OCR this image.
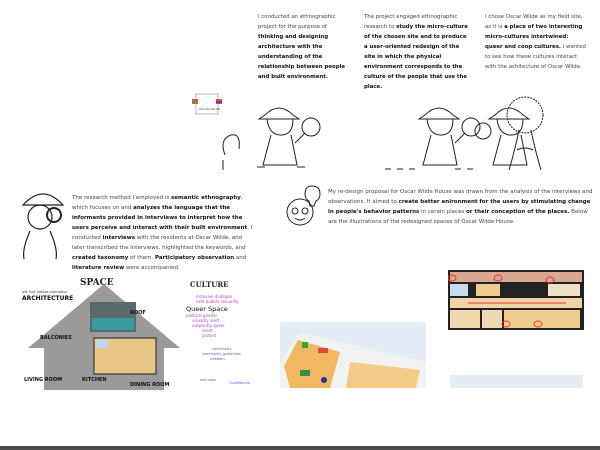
I conducted an ethnographic project for the purpose of thinking and designing architecture with the understanding of the relationship between people and built environment.
The project engaged ethnographic research to study the micro-culture of the chosen site and to produce a user-oriented redesign of the site in which the physical environment corresponds to the culture of the people that use the place.
I chose Oscar Wilde as my field site, as it is a place of two interesting micro-cultures intertwined: queer and coop cultures. I wanted to see how these cultures interact with the achitecture of Oscar Wilde.
OSCAR WILDE
The research method I employed is semantic ethnography, which focuses on and analyzes the language that the informants provided in interviews to interpret how the users perceive and interact with their built environment. I conducted interviews with the residents at Oscar Wilde, and later transcribed the interviews, highlighted the keywords, and created taxonomy of them. Participatory observation and literature review were accompanied.
My re-design proposal for Oscar Wilde House was drawn from the analysis of the interviews and observations. It aimed to create better enironment for the users by stimulating change in people's behavior patterns in cerain places or their conception of the places. Below are the illustrations of the redesigned spaces of Oscar Wilde House.
SPACE
old fruit hetero-normative
ARCHITECTURE
ROOF
BALCONIES
LIVING ROOM	KITCHEN
DINING ROOM
CULTURE
inclusive dialogue
safe bubble sexuality
Queer Space
political gender
visuality alert
outwardly queer
silent
protest
community
community guidelines
freedom
live coed
Confluence
